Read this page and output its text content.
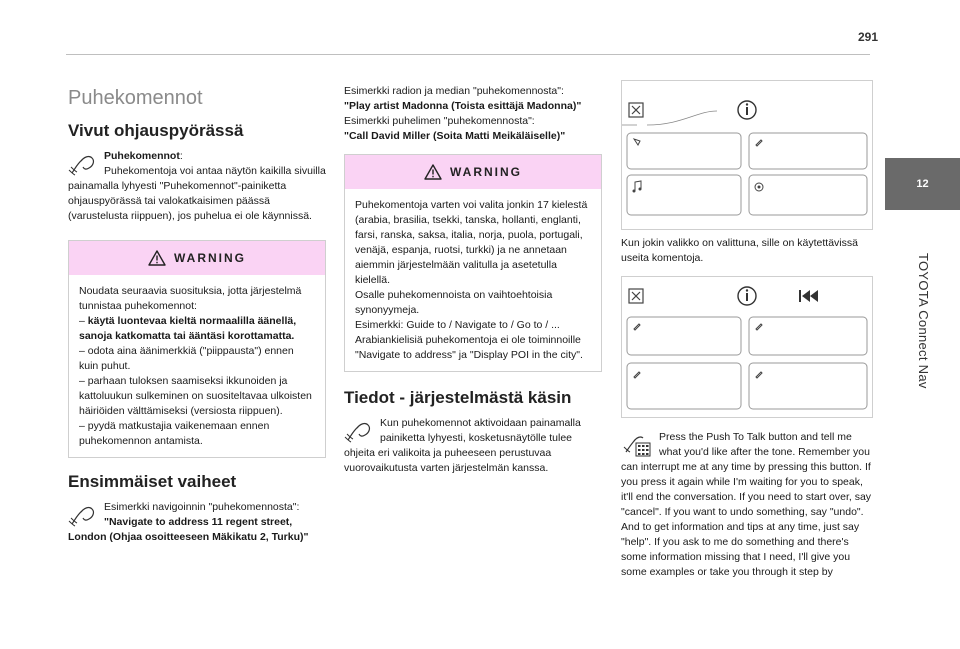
291
12
TOYOTA Connect Nav
Puhekomennot
Vivut ohjauspyörässä
Puhekomennot:
Puhekomentoja voi antaa näytön kaikilla sivuilla painamalla lyhyesti "Puhekomennot"-painiketta ohjauspyörässä tai valokatkaisimen päässä (varustelusta riippuen), jos puhelua ei ole käynnissä.
WARNING
Noudata seuraavia suosituksia, jotta järjestelmä tunnistaa puhekomennot:
– käytä luontevaa kieltä normaalilla äänellä, sanoja katkomatta tai ääntäsi korottamatta.
– odota aina äänimerkkiä ("piippausta") ennen kuin puhut.
– parhaan tuloksen saamiseksi ikkunoiden ja kattoluukun sulkeminen on suositeltavaa ulkoisten häiriöiden välttämiseksi (versiosta riippuen).
– pyydä matkustajia vaikenemaan ennen puhekomennon antamista.
Ensimmäiset vaiheet
Esimerkki navigoinnin "puhekomennosta": "Navigate to address 11 regent street, London (Ohjaa osoitteeseen Mäkikatu 2, Turku)"
Esimerkki radion ja median "puhekomennosta":
"Play artist Madonna (Toista esittäjä Madonna)"
Esimerkki puhelimen "puhekomennosta":
"Call David Miller (Soita Matti Meikäläiselle)"
WARNING
Puhekomentoja varten voi valita jonkin 17 kielestä (arabia, brasilia, tsekki, tanska, hollanti, englanti, farsi, ranska, saksa, italia, norja, puola, portugali, venäjä, espanja, ruotsi, turkki) ja ne annetaan aiemmin järjestelmään valitulla ja asetetulla kielellä.
Osalle puhekomennoista on vaihtoehtoisia synonyymeja.
Esimerkki: Guide to / Navigate to / Go to / ...
Arabiankielisiä puhekomentoja ei ole toiminnoille "Navigate to address" ja "Display POI in the city".
Tiedot - järjestelmästä käsin
Kun puhekomennot aktivoidaan painamalla painiketta lyhyesti, kosketusnäytölle tulee ohjeita eri valikoita ja puheeseen perustuvaa vuorovaikutusta varten järjestelmän kanssa.
Kun jokin valikko on valittuna, sille on käytettävissä useita komentoja.
Press the Push To Talk button and tell me what you'd like after the tone. Remember you can interrupt me at any time by pressing this button. If you press it again while I'm waiting for you to speak, it'll end the conversation. If you need to start over, say "cancel". If you want to undo something, say "undo". And to get information and tips at any time, just say "help". If you ask to me do something and there's some information missing that I need, I'll give you some examples or take you through it step by
